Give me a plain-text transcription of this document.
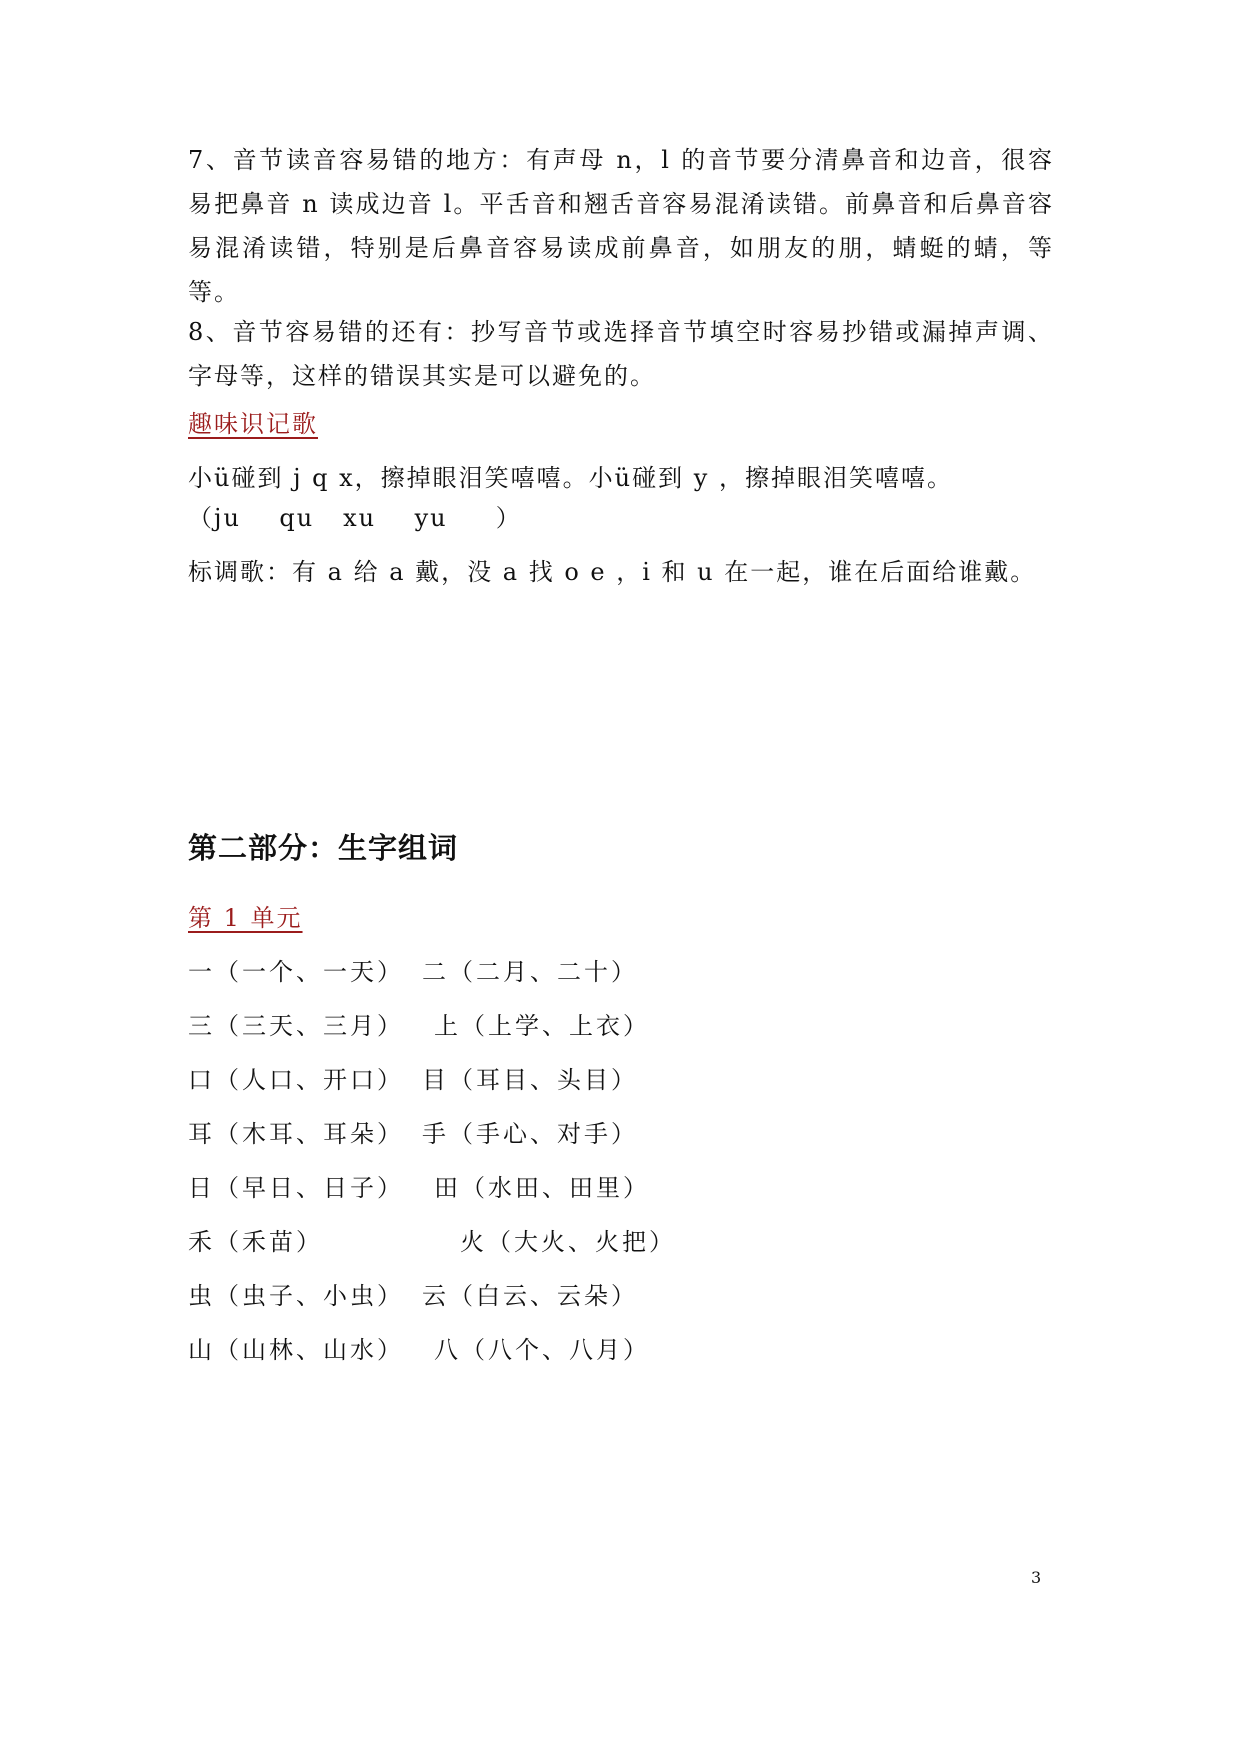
7、音节读音容易错的地方：有声母 n，l 的音节要分清鼻音和边音，很容易把鼻音 n 读成边音 l。平舌音和翘舌音容易混淆读错。前鼻音和后鼻音容易混淆读错，特别是后鼻音容易读成前鼻音，如朋友的朋，蜻蜓的蜻，等等。

8、音节容易错的还有：抄写音节或选择音节填空时容易抄错或漏掉声调、字母等，这样的错误其实是可以避免的。

趣味识记歌
小ü碰到 j q x，擦掉眼泪笑嘻嘻。小ü碰到 y ，擦掉眼泪笑嘻嘻。
（ju    qu   xu    yu     ）

标调歌：有 a 给 a 戴，没 a 找 o e ，i 和 u 在一起，谁在后面给谁戴。

第二部分：生字组词
第 1 单元
一（一个、一天） 二（二月、二十）
三（三天、三月） 上（上学、上衣）
口（人口、开口） 目（耳目、头目）
耳（木耳、耳朵） 手（手心、对手）
日（早日、日子） 田（水田、田里）
禾（禾苗）	火（大火、火把）
虫（虫子、小虫） 云（白云、云朵）
山（山林、山水） 八（八个、八月）
3
